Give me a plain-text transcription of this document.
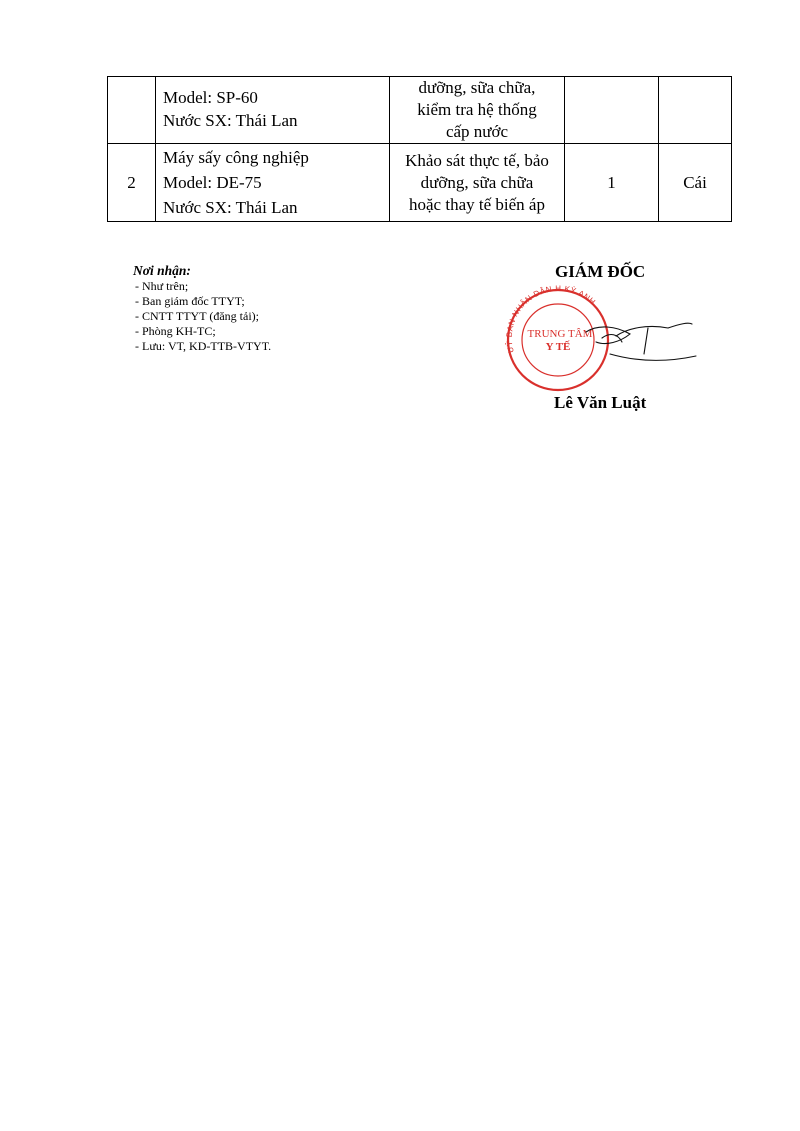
	Model: SP-60
Nước SX: Thái Lan	dưỡng, sữa chữa,
kiểm tra hệ thống
cấp nước		

2	Máy sấy công nghiệp
Model: DE-75
Nước SX: Thái Lan	Khảo sát thực tế, bảo
dưỡng, sữa chữa
hoặc thay tế biến áp	1	Cái
Nơi nhận:
- Như trên;
- Ban giám đốc TTYT;
- CNTT TTYT (đăng tải);
- Phòng KH-TC;
- Lưu: VT, KD-TTB-VTYT.
GIÁM ĐỐC
UỶ BAN NHÂN DÂN H.KỲ ANH
TRUNG TÂM
Y TẾ
Lê Văn Luật
